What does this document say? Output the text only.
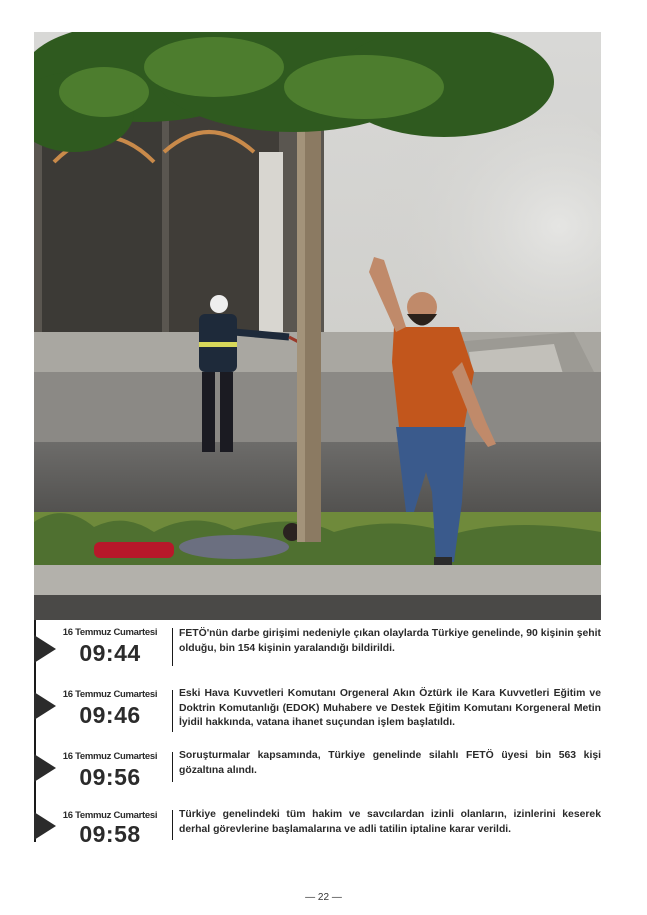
16 Temmuz Cumartesi
09:44
FETÖ'nün darbe girişimi nedeniyle çıkan olaylarda Türkiye genelinde, 90 kişinin şehit olduğu, bin 154 kişinin yaralandığı bildirildi.
16 Temmuz Cumartesi
09:46
Eski Hava Kuvvetleri Komutanı Orgeneral Akın Öztürk ile Kara Kuvvetleri Eğitim ve Doktrin Komutanlığı (EDOK) Muhabere ve Destek Eğitim Komutanı Korgeneral Metin İyidil hakkında, vatana ihanet suçundan işlem başlatıldı.
16 Temmuz Cumartesi
09:56
Soruşturmalar kapsamında, Türkiye genelinde silahlı FETÖ üyesi bin 563 kişi gözaltına alındı.
16 Temmuz Cumartesi
09:58
Türkiye genelindeki tüm hakim ve savcılardan izinli olanların, izinlerini keserek derhal görevlerine başlamalarına ve adli tatilin iptaline karar verildi.
— 22 —
